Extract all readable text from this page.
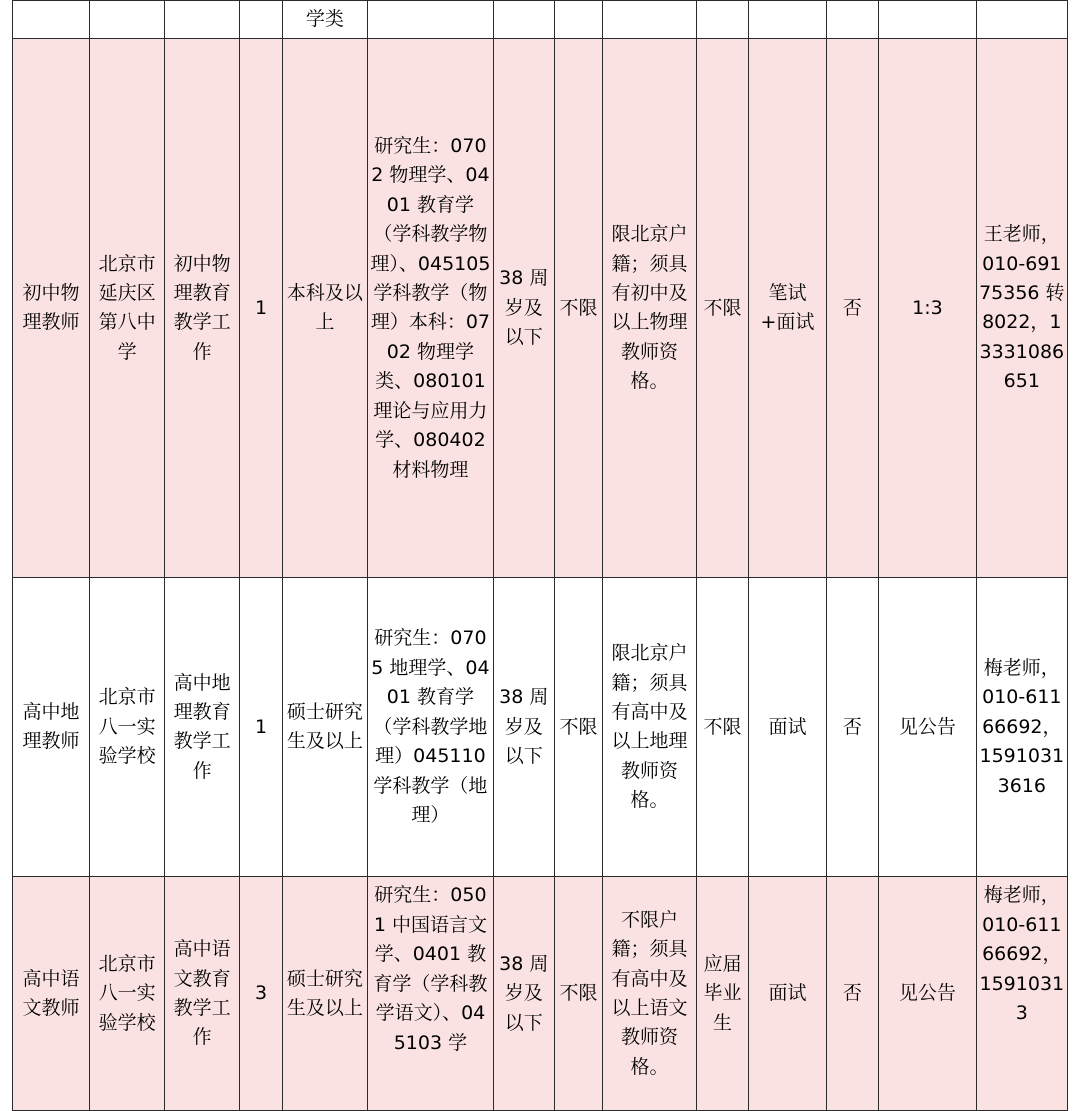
				学类									
初中物理教师	北京市延庆区第八中学	初中物理教育教学工作	1	本科及以上	研究生：0702 物理学、0401 教育学（学科教学物理）、045105 学科教学（物理）本科：0702 物理学类、080101 理论与应用力学、080402 材料物理	38 周岁及以下	不限	限北京户籍；须具有初中及以上物理教师资格。	不限	笔试+面试	否	1:3	王老师，010-69175356 转 8022，13331086651
高中地理教师	北京市八一实验学校	高中地理教育教学工作	1	硕士研究生及以上	研究生：0705 地理学、0401 教育学（学科教学地理）045110 学科教学（地理）	38 周岁及以下	不限	限北京户籍；须具有高中及以上地理教师资格。	不限	面试	否	见公告	梅老师，010-61166692，15910313616
高中语文教师	北京市八一实验学校	高中语文教育教学工作	3	硕士研究生及以上	研究生：0501 中国语言文学、0401 教育学（学科教学语文）、045103 学	38 周岁及以下	不限	不限户籍；须具有高中及以上语文教师资格。	应届毕业生	面试	否	见公告	梅老师，010-61166692，15910313
